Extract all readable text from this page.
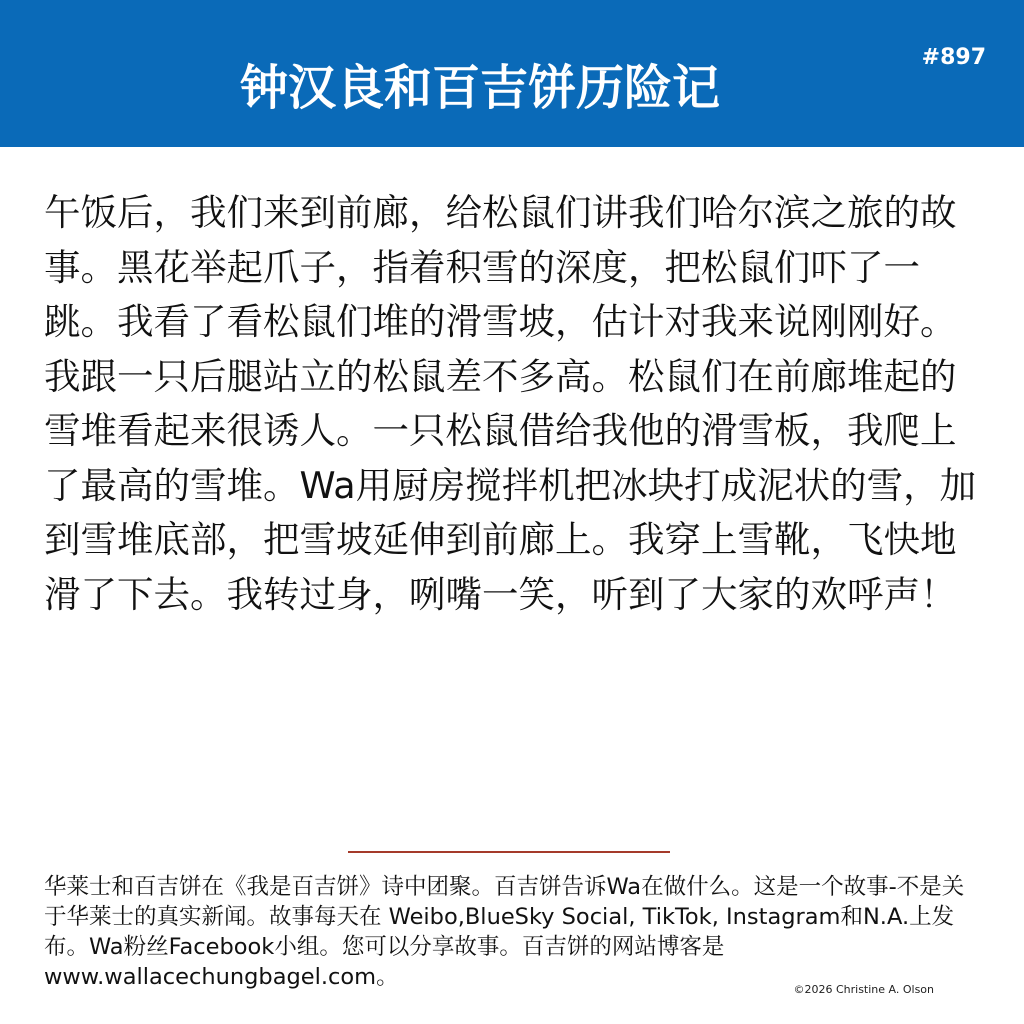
钟汉良和百吉饼历险记
#897

午饭后，我们来到前廊，给松鼠们讲我们哈尔滨之旅的故事。黑花举起爪子，指着积雪的深度，把松鼠们吓了一跳。我看了看松鼠们堆的滑雪坡，估计对我来说刚刚好。我跟一只后腿站立的松鼠差不多高。松鼠们在前廊堆起的雪堆看起来很诱人。一只松鼠借给我他的滑雪板，我爬上了最高的雪堆。Wa用厨房搅拌机把冰块打成泥状的雪，加到雪堆底部，把雪坡延伸到前廊上。我穿上雪靴，飞快地滑了下去。我转过身，咧嘴一笑，听到了大家的欢呼声！

华莱士和百吉饼在《我是百吉饼》诗中团聚。百吉饼告诉Wa在做什么。这是一个故事-不是关于华莱士的真实新闻。故事每天在 Weibo,BlueSky Social, TikTok, Instagram和N.A.上发布。Wa粉丝Facebook小组。您可以分享故事。百吉饼的网站博客是www.wallacechungbagel.com。	©2026 Christine A. Olson
